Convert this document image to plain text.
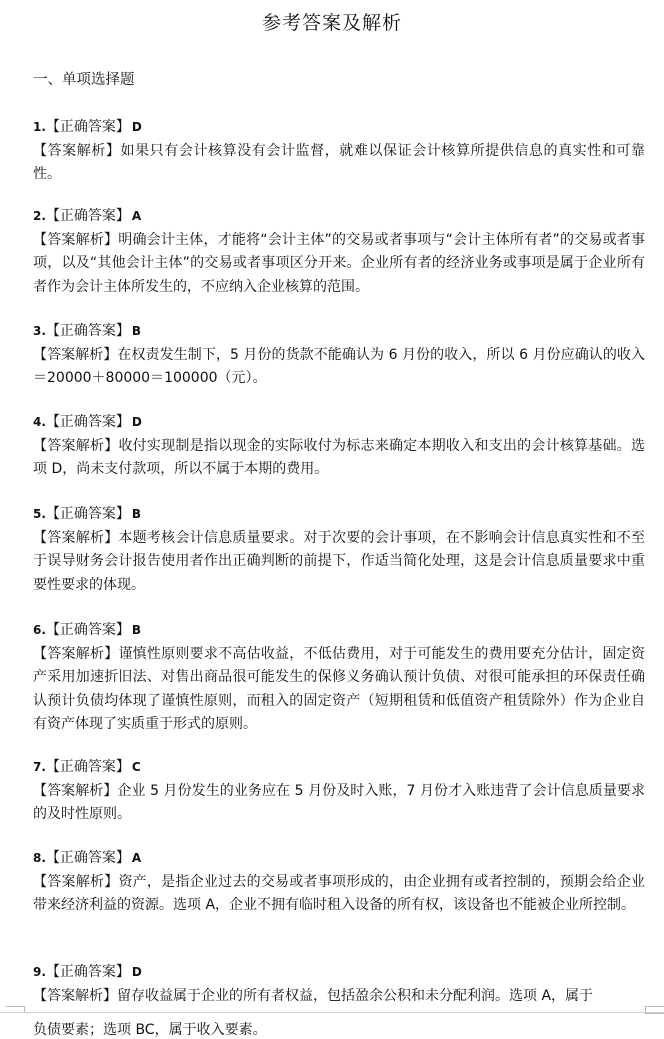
参考答案及解析
一、单项选择题
1.【正确答案】 D
【答案解析】如果只有会计核算没有会计监督，就难以保证会计核算所提供信息的真实性和可靠性。
2.【正确答案】 A
【答案解析】明确会计主体，才能将“会计主体”的交易或者事项与“会计主体所有者”的交易或者事项，以及“其他会计主体”的交易或者事项区分开来。企业所有者的经济业务或事项是属于企业所有者作为会计主体所发生的，不应纳入企业核算的范围。
3.【正确答案】 B
【答案解析】在权责发生制下，5 月份的货款不能确认为 6 月份的收入，所以 6 月份应确认的收入＝20000＋80000＝100000（元）。
4.【正确答案】 D
【答案解析】收付实现制是指以现金的实际收付为标志来确定本期收入和支出的会计核算基础。选项 D，尚未支付款项，所以不属于本期的费用。
5.【正确答案】 B
【答案解析】本题考核会计信息质量要求。对于次要的会计事项，在不影响会计信息真实性和不至于误导财务会计报告使用者作出正确判断的前提下，作适当简化处理，这是会计信息质量要求中重要性要求的体现。
6.【正确答案】 B
【答案解析】谨慎性原则要求不高估收益，不低估费用，对于可能发生的费用要充分估计，固定资产采用加速折旧法、对售出商品很可能发生的保修义务确认预计负债、对很可能承担的环保责任确认预计负债均体现了谨慎性原则，而租入的固定资产（短期租赁和低值资产租赁除外）作为企业自有资产体现了实质重于形式的原则。
7.【正确答案】 C
【答案解析】企业 5 月份发生的业务应在 5 月份及时入账，7 月份才入账违背了会计信息质量要求的及时性原则。
8.【正确答案】 A
【答案解析】资产，是指企业过去的交易或者事项形成的，由企业拥有或者控制的，预期会给企业带来经济利益的资源。选项 A，企业不拥有临时租入设备的所有权，该设备也不能被企业所控制。
9.【正确答案】 D
【答案解析】留存收益属于企业的所有者权益，包括盈余公积和未分配利润。选项 A，属于
负债要素；选项 BC，属于收入要素。
